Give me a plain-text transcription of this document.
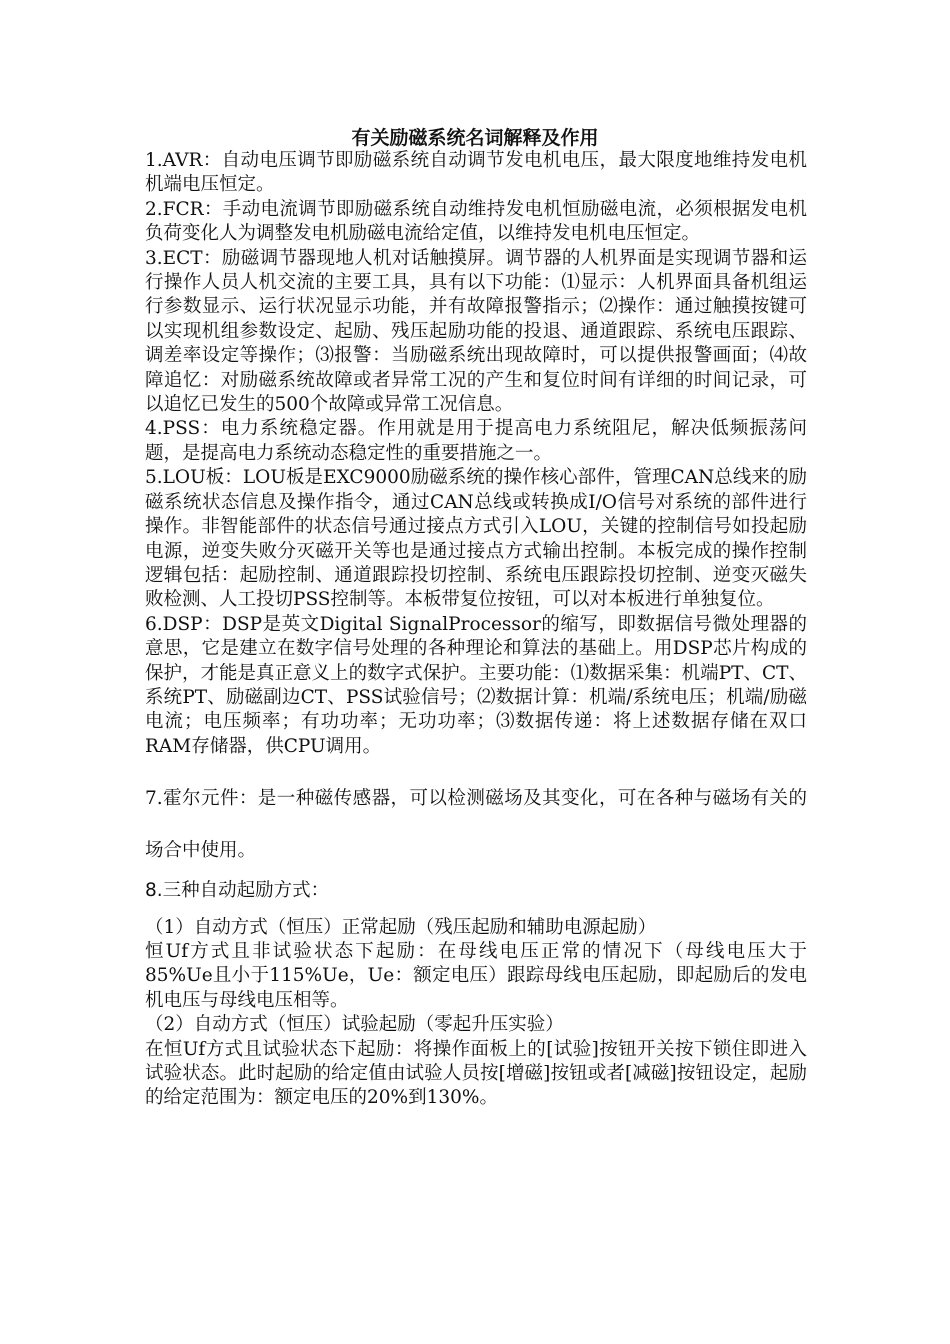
有关励磁系统名词解释及作用

1.AVR：自动电压调节即励磁系统自动调节发电机电压，最大限度地维持发电机机端电压恒定。

2.FCR：手动电流调节即励磁系统自动维持发电机恒励磁电流，必须根据发电机负荷变化人为调整发电机励磁电流给定值，以维持发电机电压恒定。

3.ECT：励磁调节器现地人机对话触摸屏。调节器的人机界面是实现调节器和运行操作人员人机交流的主要工具，具有以下功能：⑴显示：人机界面具备机组运行参数显示、运行状况显示功能，并有故障报警指示；⑵操作：通过触摸按键可以实现机组参数设定、起励、残压起励功能的投退、通道跟踪、系统电压跟踪、调差率设定等操作；⑶报警：当励磁系统出现故障时，可以提供报警画面；⑷故障追忆：对励磁系统故障或者异常工况的产生和复位时间有详细的时间记录，可以追忆已发生的500个故障或异常工况信息。

4.PSS：电力系统稳定器。作用就是用于提高电力系统阻尼，解决低频振荡问题，是提高电力系统动态稳定性的重要措施之一。

5.LOU板：LOU板是EXC9000励磁系统的操作核心部件，管理CAN总线来的励磁系统状态信息及操作指令，通过CAN总线或转换成I/O信号对系统的部件进行操作。非智能部件的状态信号通过接点方式引入LOU，关键的控制信号如投起励电源，逆变失败分灭磁开关等也是通过接点方式输出控制。本板完成的操作控制逻辑包括：起励控制、通道跟踪投切控制、系统电压跟踪投切控制、逆变灭磁失败检测、人工投切PSS控制等。本板带复位按钮，可以对本板进行单独复位。

6.DSP：DSP是英文Digital SignalProcessor的缩写，即数据信号微处理器的意思，它是建立在数字信号处理的各种理论和算法的基础上。用DSP芯片构成的保护，才能是真正意义上的数字式保护。主要功能：⑴数据采集：机端PT、CT、系统PT、励磁副边CT、PSS试验信号；⑵数据计算：机端/系统电压；机端/励磁电流；电压频率；有功功率；无功功率；⑶数据传递：将上述数据存储在双口RAM存储器，供CPU调用。

7.霍尔元件：是一种磁传感器，可以检测磁场及其变化，可在各种与磁场有关的场合中使用。

8.三种自动起励方式：

（1）自动方式（恒压）正常起励（残压起励和辅助电源起励）

恒Uf方式且非试验状态下起励：在母线电压正常的情况下（母线电压大于85%Ue且小于115%Ue，Ue：额定电压）跟踪母线电压起励，即起励后的发电机电压与母线电压相等。

（2）自动方式（恒压）试验起励（零起升压实验）

在恒Uf方式且试验状态下起励：将操作面板上的[试验]按钮开关按下锁住即进入试验状态。此时起励的给定值由试验人员按[增磁]按钮或者[减磁]按钮设定，起励的给定范围为：额定电压的20%到130%。
